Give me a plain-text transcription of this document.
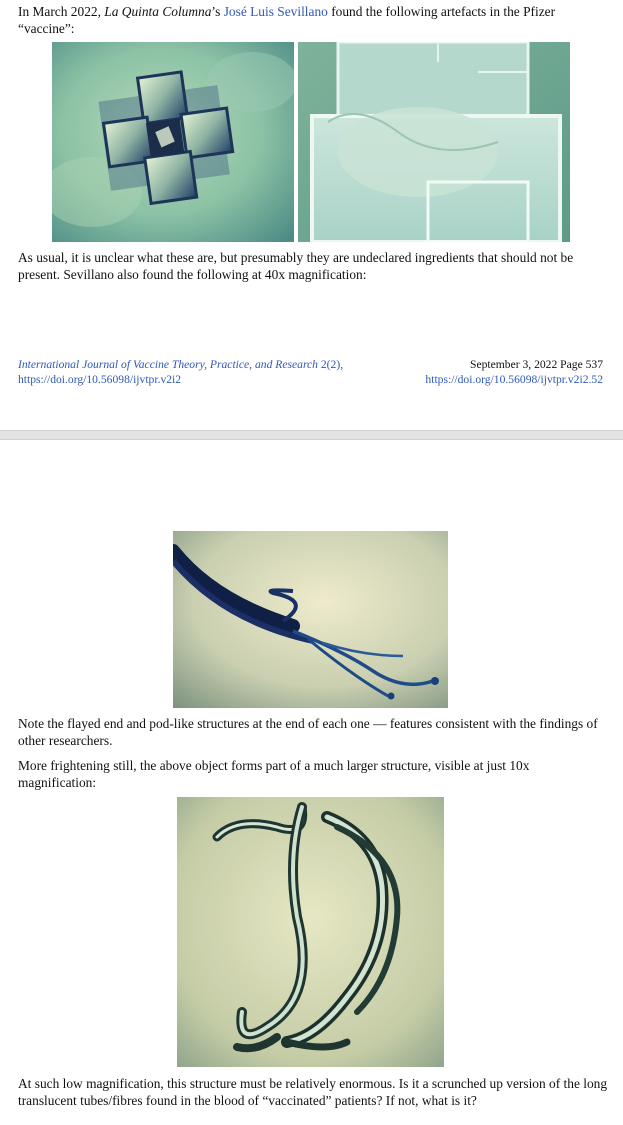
In March 2022, La Quinta Columna’s José Luis Sevillano found the following artefacts in the Pfizer “vaccine”:
As usual, it is unclear what these are, but presumably they are undeclared ingredients that should not be present. Sevillano also found the following at 40x magnification:
International Journal of Vaccine Theory, Practice, and Research 2(2),
https://doi.org/10.56098/ijvtpr.v2i2
September 3, 2022 Page 537
https://doi.org/10.56098/ijvtpr.v2i2.52
Note the flayed end and pod-like structures at the end of each one — features consistent with the findings of other researchers.
More frightening still, the above object forms part of a much larger structure, visible at just 10x magnification:
At such low magnification, this structure must be relatively enormous. Is it a scrunched up version of the long translucent tubes/fibres found in the blood of “vaccinated” patients? If not, what is it?
